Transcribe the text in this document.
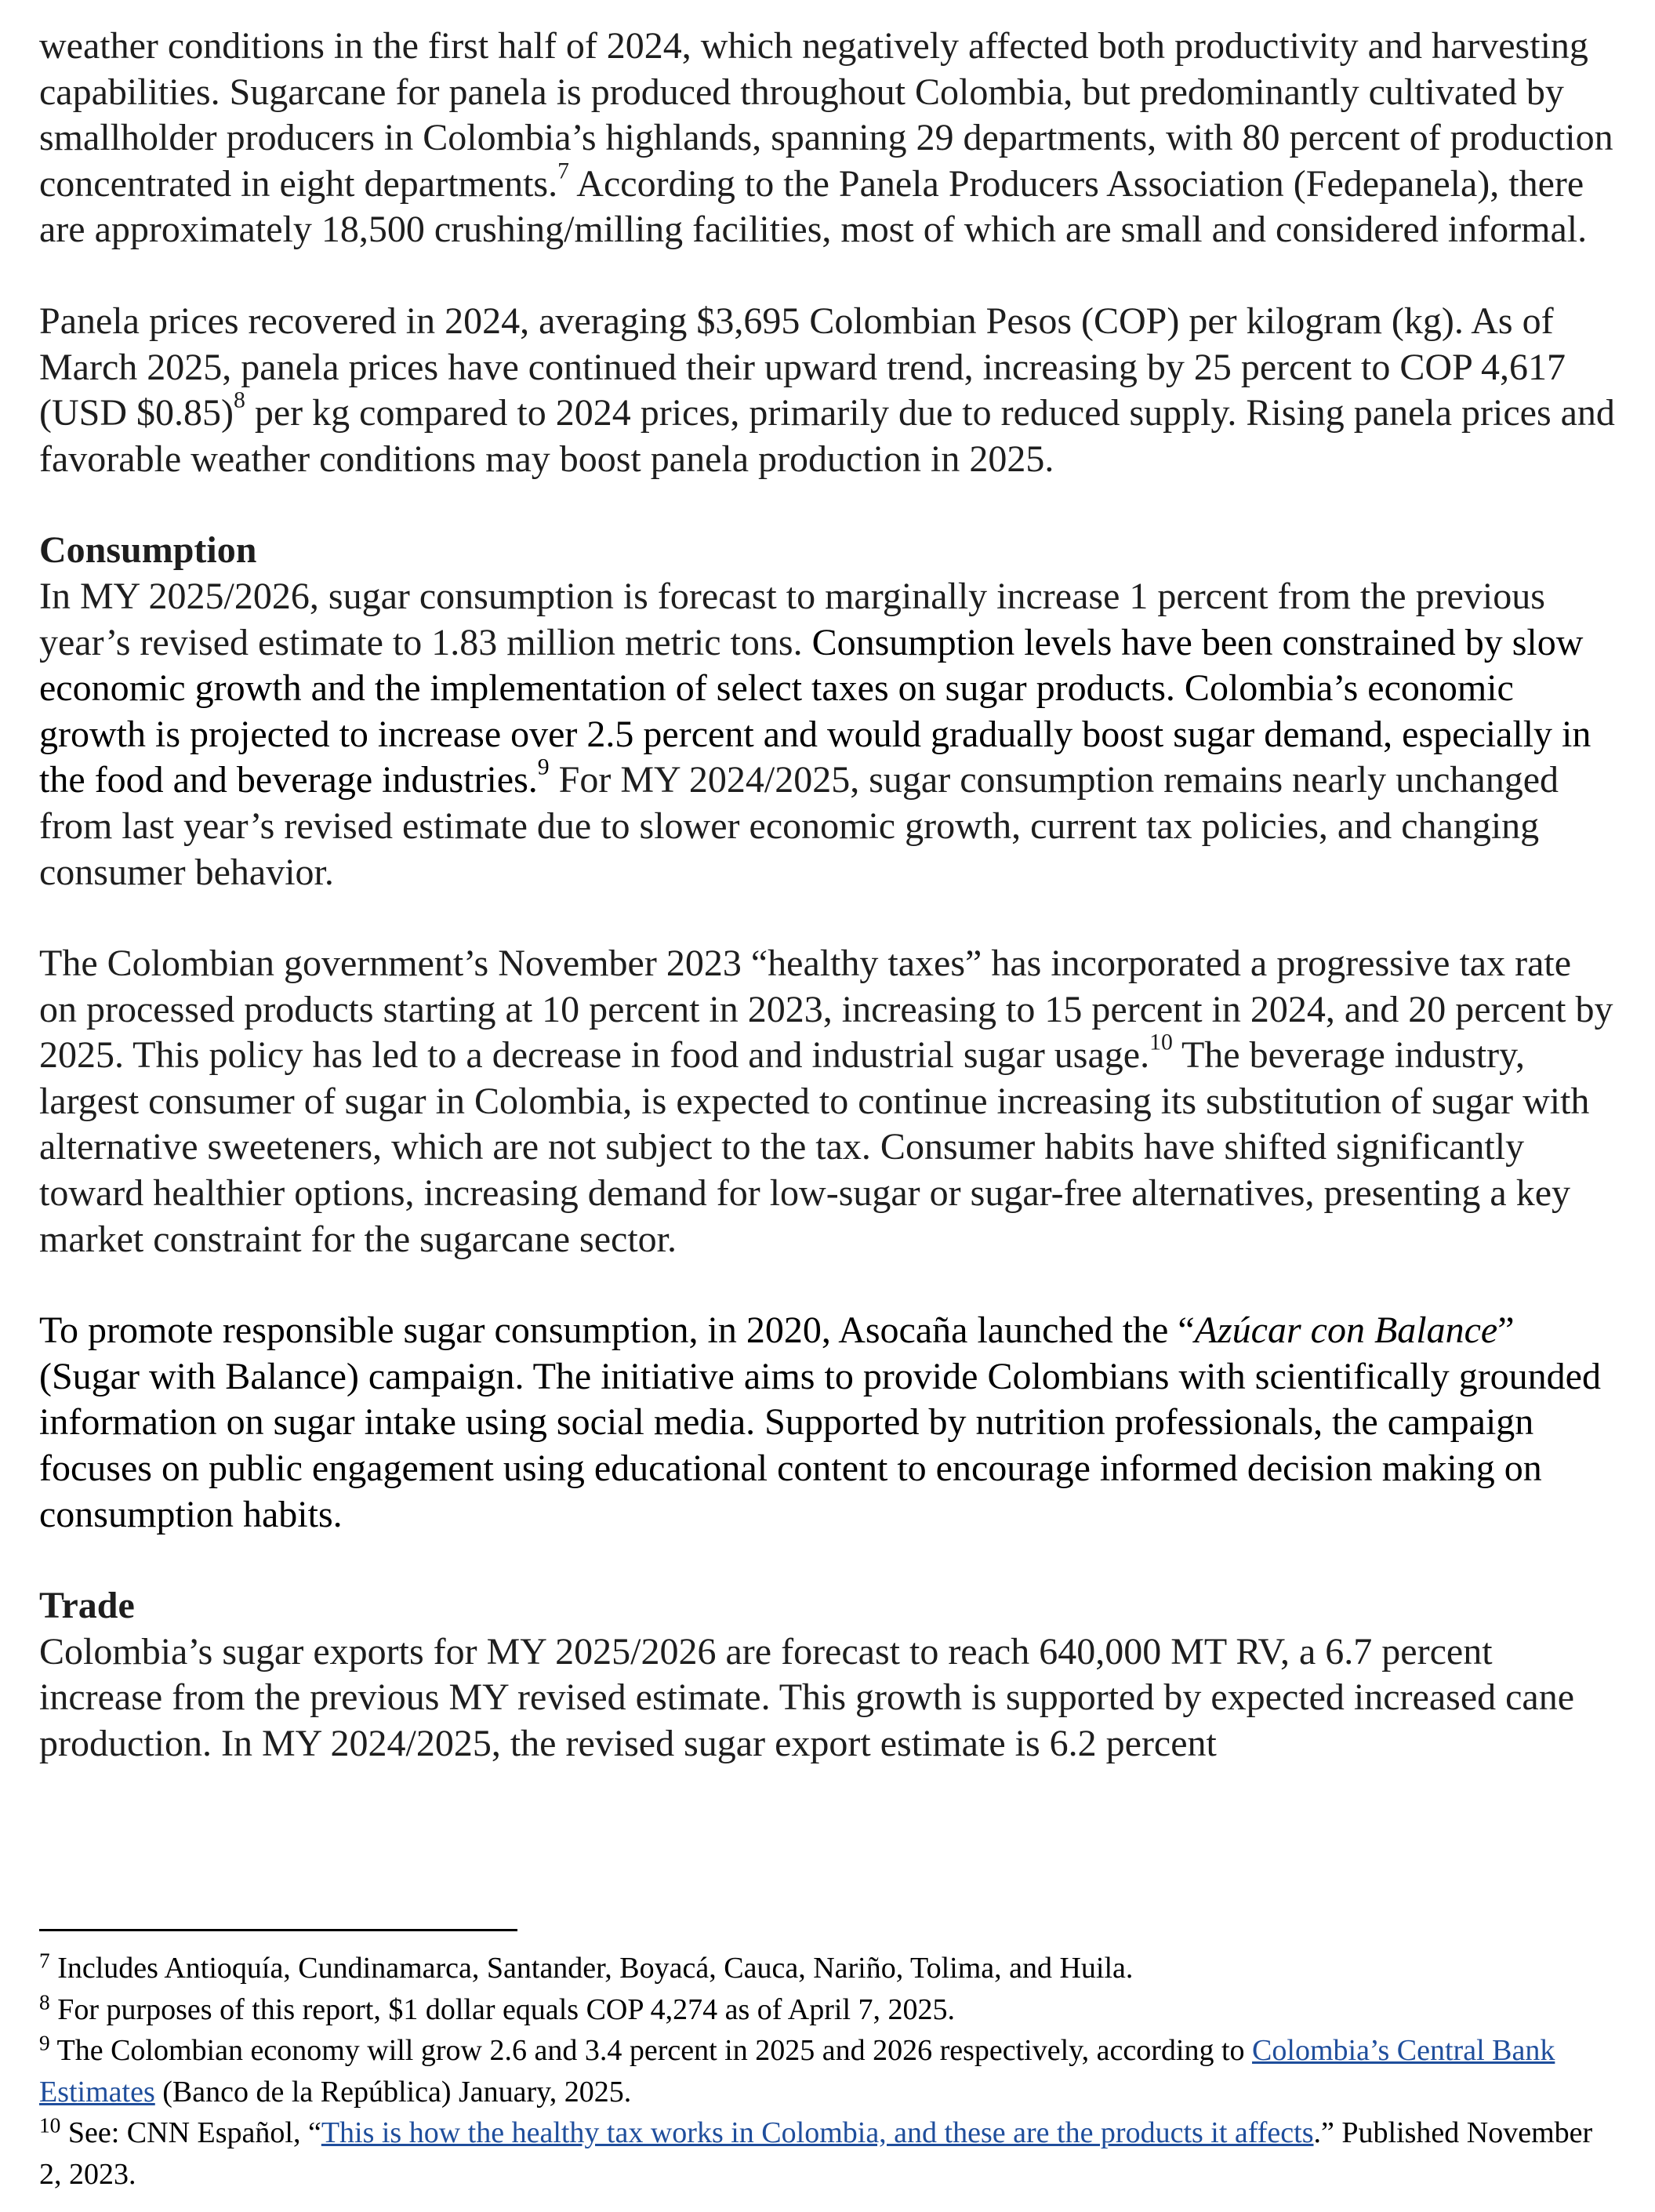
weather conditions in the first half of 2024, which negatively affected both productivity and harvesting capabilities. Sugarcane for panela is produced throughout Colombia, but predominantly cultivated by smallholder producers in Colombia’s highlands, spanning 29 departments, with 80 percent of production concentrated in eight departments.$^7$ According to the Panela Producers Association (Fedepanela), there are approximately 18,500 crushing/milling facilities, most of which are small and considered informal.

Panela prices recovered in 2024, averaging $3,695 Colombian Pesos (COP) per kilogram (kg). As of March 2025, panela prices have continued their upward trend, increasing by 25 percent to COP 4,617 (USD $0.85)$^8$ per kg compared to 2024 prices, primarily due to reduced supply. Rising panela prices and favorable weather conditions may boost panela production in 2025.

Consumption

In MY 2025/2026, sugar consumption is forecast to marginally increase 1 percent from the previous year’s revised estimate to 1.83 million metric tons. Consumption levels have been constrained by slow economic growth and the implementation of select taxes on sugar products. Colombia’s economic growth is projected to increase over 2.5 percent and would gradually boost sugar demand, especially in the food and beverage industries.$^9$ For MY 2024/2025, sugar consumption remains nearly unchanged from last year’s revised estimate due to slower economic growth, current tax policies, and changing consumer behavior.

The Colombian government’s November 2023 “healthy taxes” has incorporated a progressive tax rate on processed products starting at 10 percent in 2023, increasing to 15 percent in 2024, and 20 percent by 2025. This policy has led to a decrease in food and industrial sugar usage.$^{10}$ The beverage industry, largest consumer of sugar in Colombia, is expected to continue increasing its substitution of sugar with alternative sweeteners, which are not subject to the tax. Consumer habits have shifted significantly toward healthier options, increasing demand for low-sugar or sugar-free alternatives, presenting a key market constraint for the sugarcane sector.

To promote responsible sugar consumption, in 2020, Asocaña launched the “Azúcar con Balance” (Sugar with Balance) campaign. The initiative aims to provide Colombians with scientifically grounded information on sugar intake using social media. Supported by nutrition professionals, the campaign focuses on public engagement using educational content to encourage informed decision making on consumption habits.

Trade

Colombia’s sugar exports for MY 2025/2026 are forecast to reach 640,000 MT RV, a 6.7 percent increase from the previous MY revised estimate. This growth is supported by expected increased cane production. In MY 2024/2025, the revised sugar export estimate is 6.2 percent

$^7$ Includes Antioquía, Cundinamarca, Santander, Boyacá, Cauca, Nariño, Tolima, and Huila.

$^8$ For purposes of this report, $1 dollar equals COP 4,274 as of April 7, 2025.

$^9$ The Colombian economy will grow 2.6 and 3.4 percent in 2025 and 2026 respectively, according to Colombia’s Central Bank Estimates (Banco de la República) January, 2025.

$^{10}$ See: CNN Español, “This is how the healthy tax works in Colombia, and these are the products it affects.” Published November 2, 2023.
